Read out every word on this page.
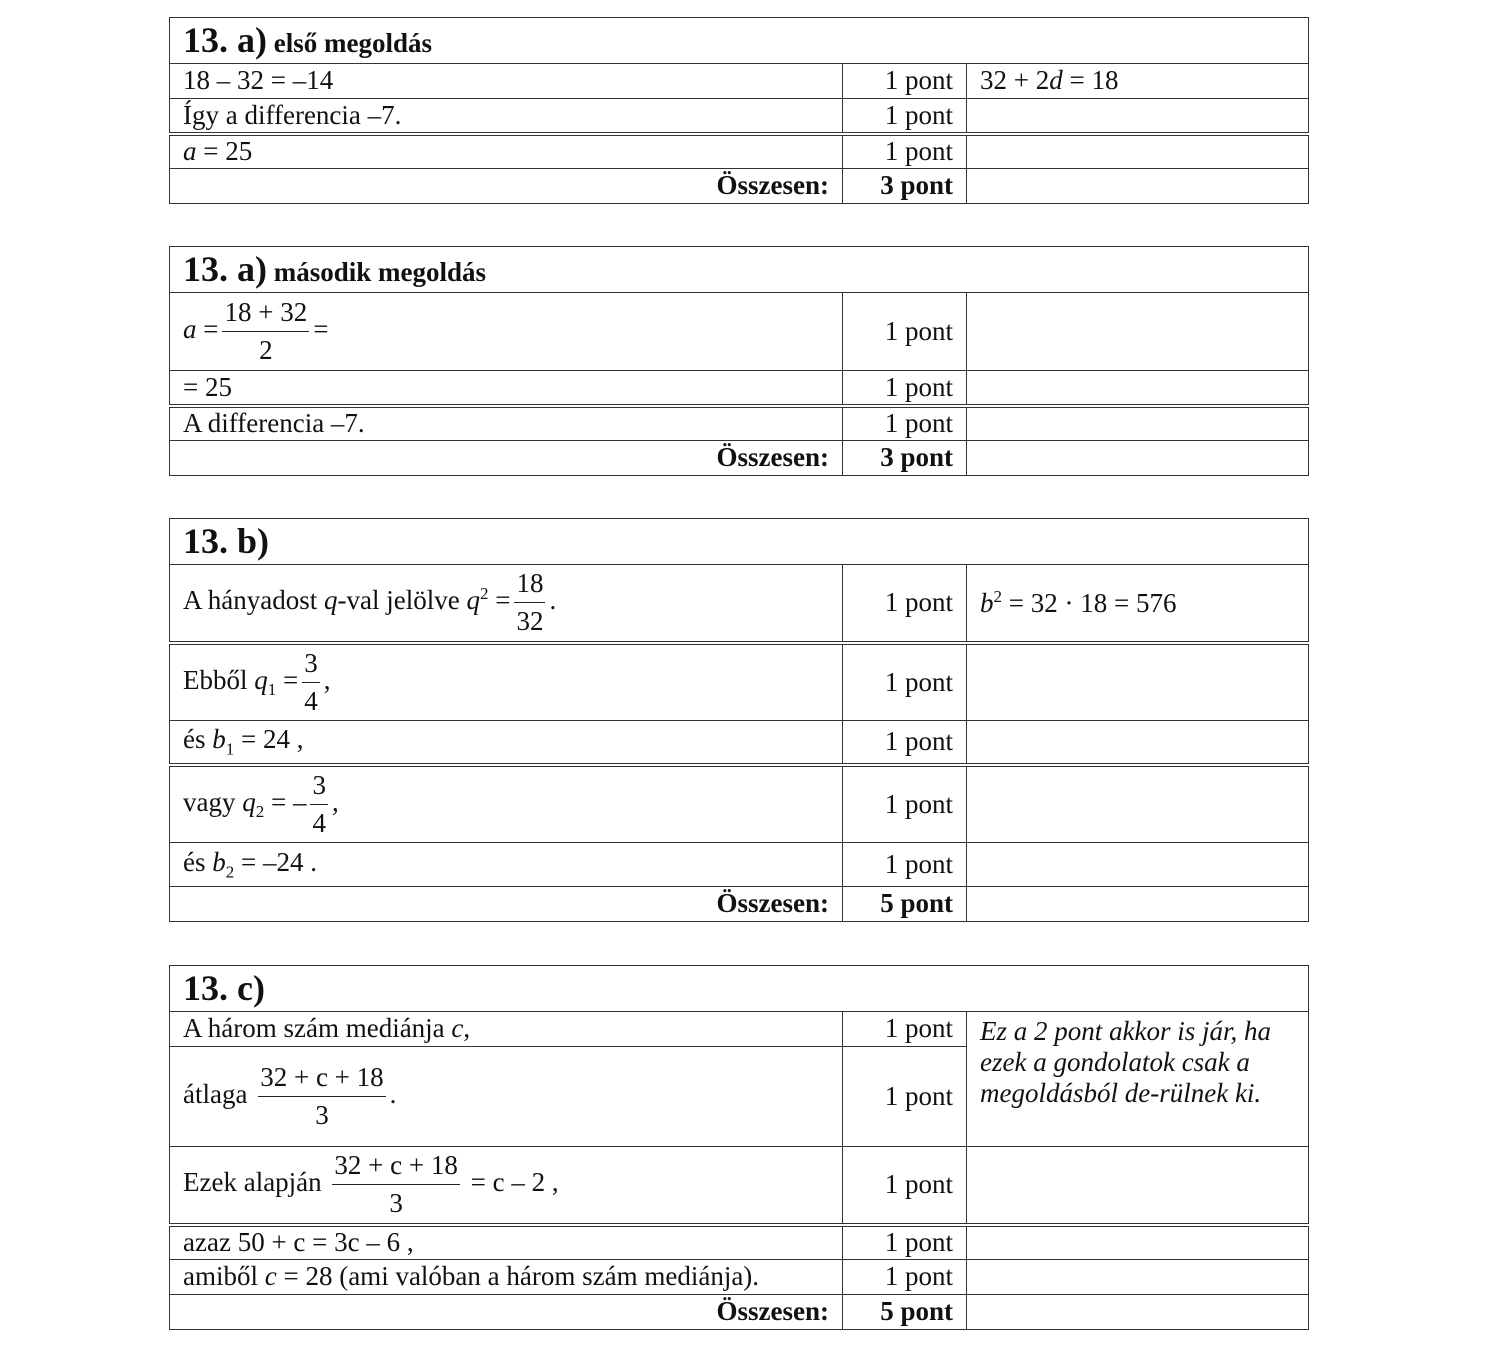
13. a) első megoldás		
18 – 32 = –14	1 pont	32 + 2d = 18
Így a differencia –7.	1 pont	
a = 25	1 pont	
Összesen:	3 pont	
13. a) második megoldás		
$a = \frac{18 + 32}{2}$ =	1 pont	
= 25	1 pont	
A differencia –7.	1 pont	
Összesen:	3 pont	
13. b)		
A hányadost q-val jelölve $q^2 = \frac{18}{32}$ .	1 pont	$b^2 = 32 \cdot 18 = 576$
Ebből $q_1 = \frac{3}{4}$ ,	1 pont	
és $b_1 = 24$ ,	1 pont	
vagy $q_2$ = – $\frac{3}{4}$ ,	1 pont	
és $b_2 = -24$ .	1 pont	
Összesen:	5 pont	
13. c)		
A három szám mediánja c,	1 pont	Ez a 2 pont akkor is jár, ha ezek a gondolatok csak a megoldásból de-rülnek ki.
átlaga $\frac{32 + c + 18}{3}$ .	1 pont	
Ezek alapján $\frac{32 + c + 18}{3} = c - 2$ ,	1 pont	
azaz 50 + c = 3c – 6 ,	1 pont	
amiből c = 28 (ami valóban a három szám mediánja).	1 pont	
Összesen:	5 pont	
